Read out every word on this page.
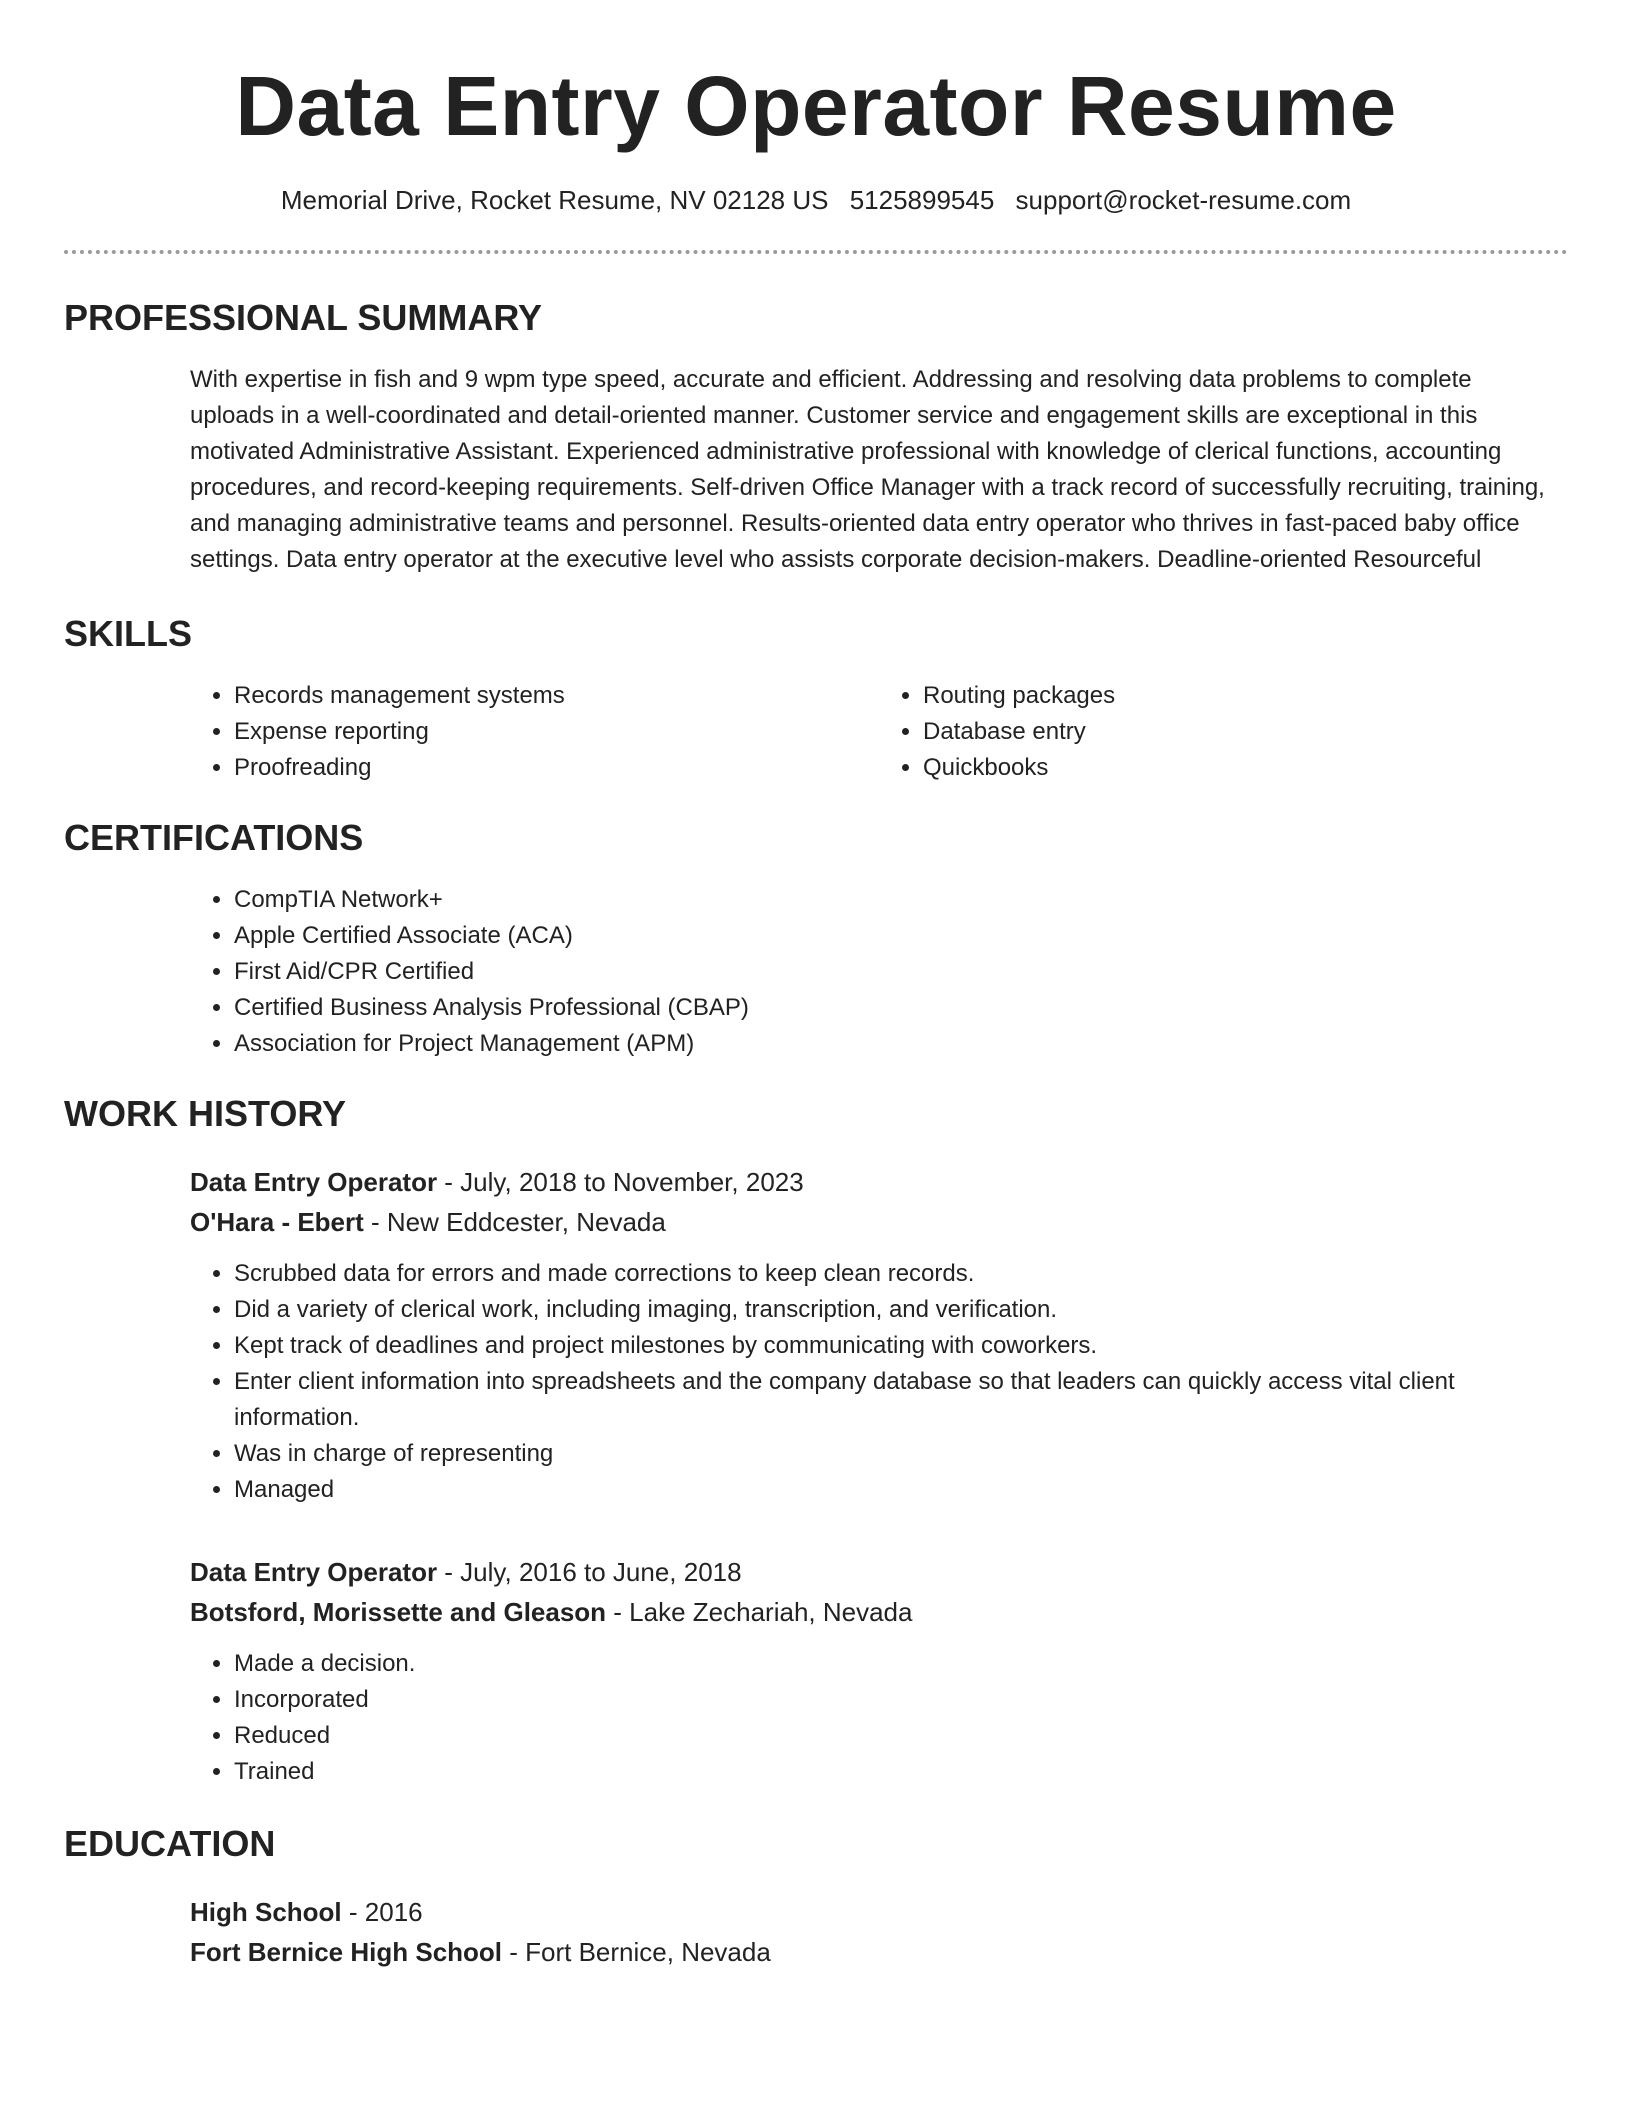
Data Entry Operator Resume
Memorial Drive, Rocket Resume, NV 02128 US 5125899545 support@rocket-resume.com
PROFESSIONAL SUMMARY
With expertise in fish and 9 wpm type speed, accurate and efficient. Addressing and resolving data problems to complete uploads in a well-coordinated and detail-oriented manner. Customer service and engagement skills are exceptional in this motivated Administrative Assistant. Experienced administrative professional with knowledge of clerical functions, accounting procedures, and record-keeping requirements. Self-driven Office Manager with a track record of successfully recruiting, training, and managing administrative teams and personnel. Results-oriented data entry operator who thrives in fast-paced baby office settings. Data entry operator at the executive level who assists corporate decision-makers. Deadline-oriented Resourceful
SKILLS
• Records management systems
• Expense reporting
• Proofreading
• Routing packages
• Database entry
• Quickbooks
CERTIFICATIONS
• CompTIA Network+
• Apple Certified Associate (ACA)
• First Aid/CPR Certified
• Certified Business Analysis Professional (CBAP)
• Association for Project Management (APM)
WORK HISTORY
Data Entry Operator - July, 2018 to November, 2023
O'Hara - Ebert - New Eddcester, Nevada
• Scrubbed data for errors and made corrections to keep clean records.
• Did a variety of clerical work, including imaging, transcription, and verification.
• Kept track of deadlines and project milestones by communicating with coworkers.
• Enter client information into spreadsheets and the company database so that leaders can quickly access vital client information.
• Was in charge of representing
• Managed
Data Entry Operator - July, 2016 to June, 2018
Botsford, Morissette and Gleason - Lake Zechariah, Nevada
• Made a decision.
• Incorporated
• Reduced
• Trained
EDUCATION
High School - 2016
Fort Bernice High School - Fort Bernice, Nevada
